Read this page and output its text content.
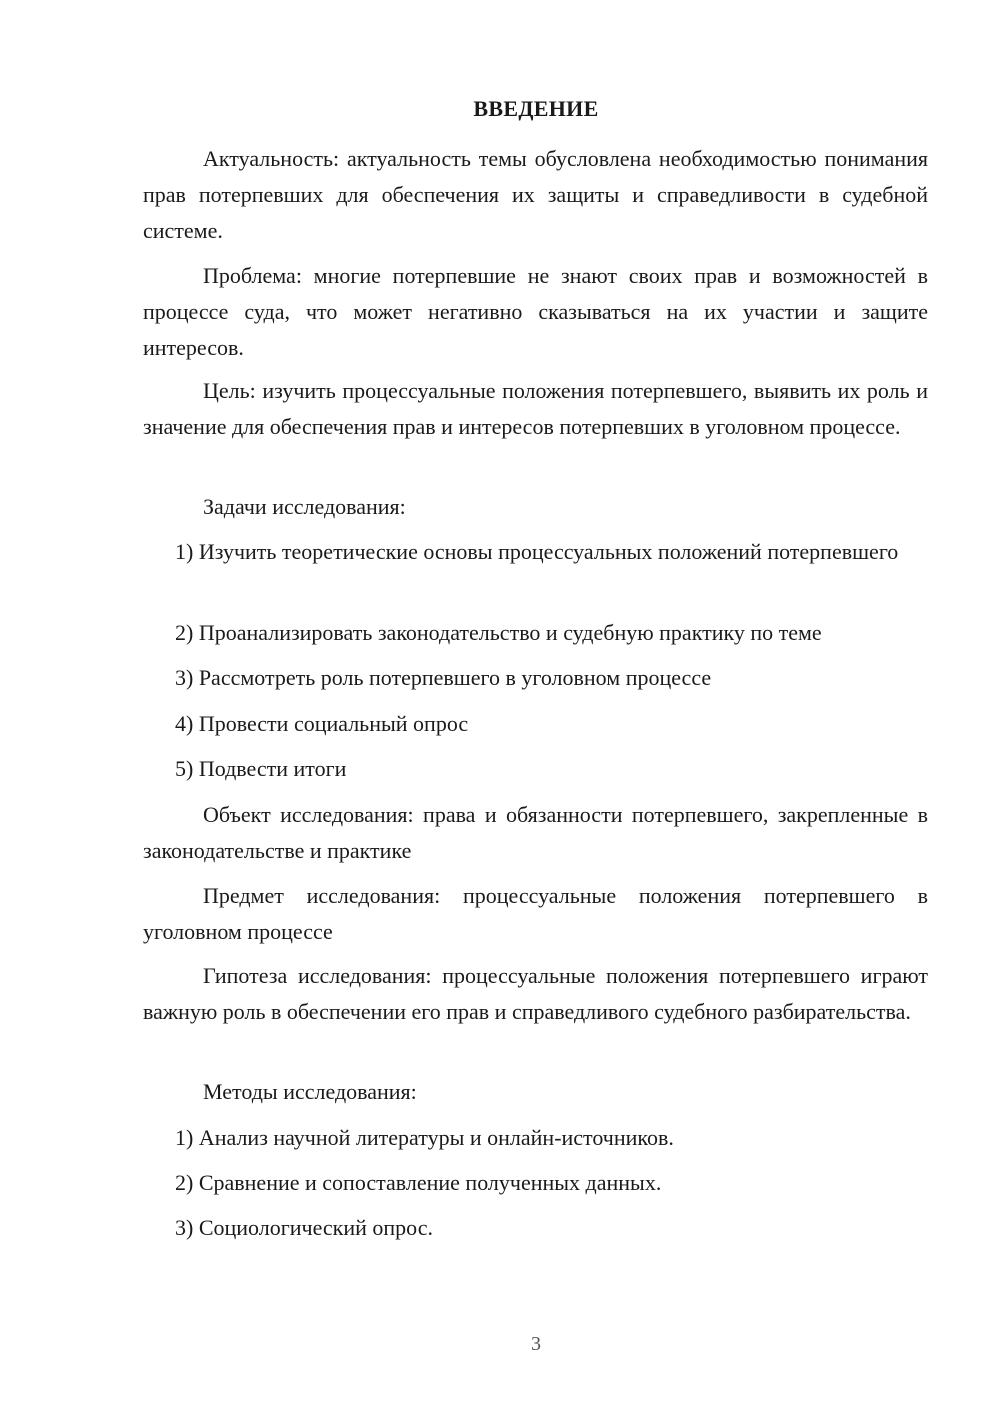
ВВЕДЕНИЕ

Актуальность: актуальность темы обусловлена необходимостью понимания прав потерпевших для обеспечения их защиты и справедливости в судебной системе.

Проблема: многие потерпевшие не знают своих прав и возможностей в процессе суда, что может негативно сказываться на их участии и защите интересов.

Цель: изучить процессуальные положения потерпевшего, выявить их роль и значение для обеспечения прав и интересов потерпевших в уголовном процессе.

Задачи исследования:

1) Изучить теоретические основы процессуальных положений потерпевшего

2) Проанализировать законодательство и судебную практику по теме

3) Рассмотреть роль потерпевшего в уголовном процессе

4) Провести социальный опрос

5) Подвести итоги

Объект исследования: права и обязанности потерпевшего, закрепленные в законодательстве и практике

Предмет исследования: процессуальные положения потерпевшего в уголовном процессе

Гипотеза исследования: процессуальные положения потерпевшего играют важную роль в обеспечении его прав и справедливого судебного разбирательства.

Методы исследования:

1) Анализ научной литературы и онлайн-источников.

2) Сравнение и сопоставление полученных данных.

3) Социологический опрос.

3
